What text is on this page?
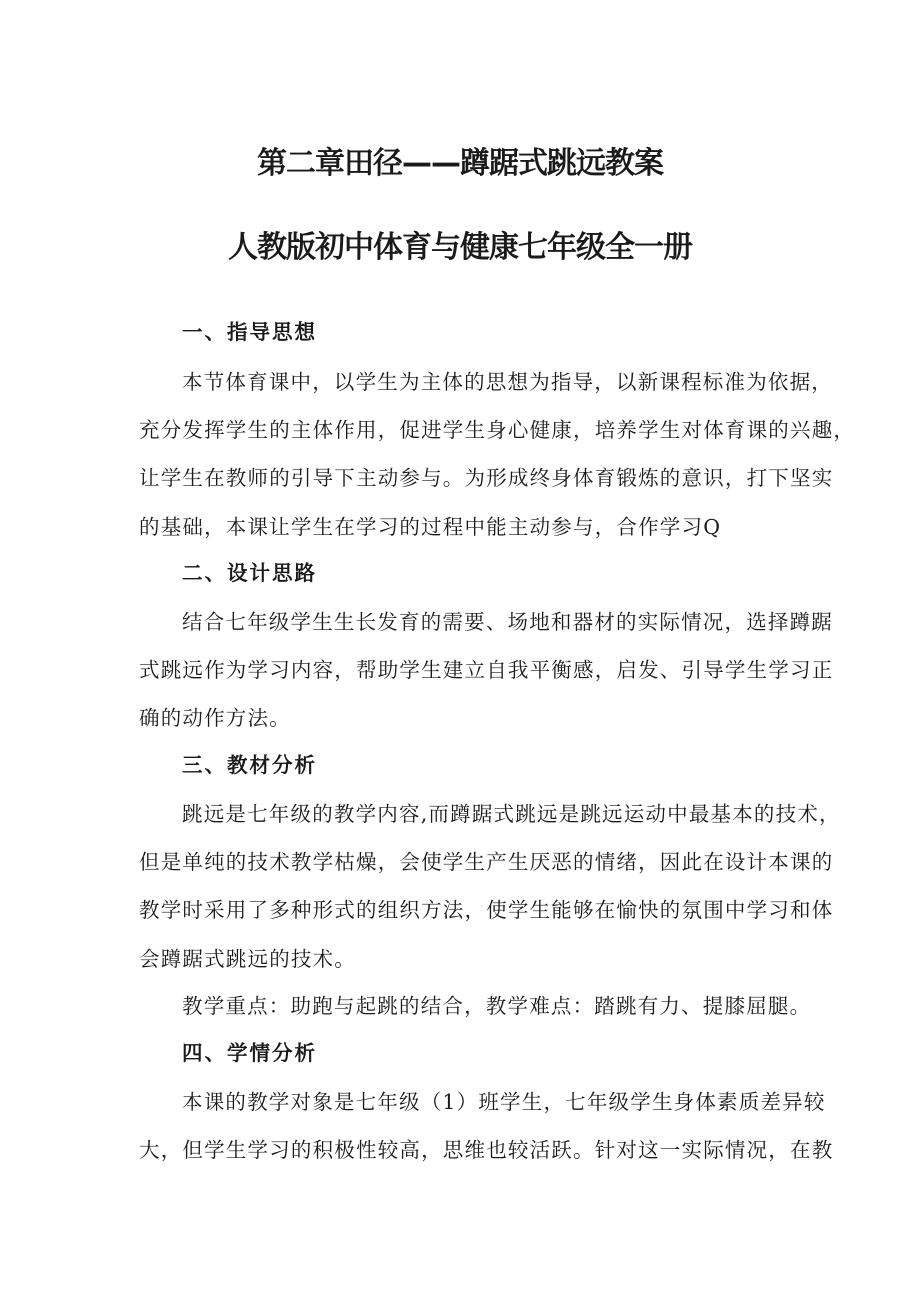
第二章田径——蹲踞式跳远教案
人教版初中体育与健康七年级全一册
一、指导思想

本节体育课中，以学生为主体的思想为指导，以新课程标准为依据，
充分发挥学生的主体作用，促进学生身心健康，培养学生对体育课的兴趣，
让学生在教师的引导下主动参与。为形成终身体育锻炼的意识，打下坚实
的基础，本课让学生在学习的过程中能主动参与，合作学习Q

二、设计思路

结合七年级学生生长发育的需要、场地和器材的实际情况，选择蹲踞
式跳远作为学习内容，帮助学生建立自我平衡感，启发、引导学生学习正
确的动作方法。

三、教材分析

跳远是七年级的教学内容,而蹲踞式跳远是跳远运动中最基本的技术，
但是单纯的技术教学枯燥，会使学生产生厌恶的情绪，因此在设计本课的
教学时采用了多种形式的组织方法，使学生能够在愉快的氛围中学习和体
会蹲踞式跳远的技术。

教学重点：助跑与起跳的结合，教学难点：踏跳有力、提膝屈腿。

四、学情分析

本课的教学对象是七年级（1）班学生，七年级学生身体素质差异较
大，但学生学习的积极性较高，思维也较活跃。针对这一实际情况，在教
